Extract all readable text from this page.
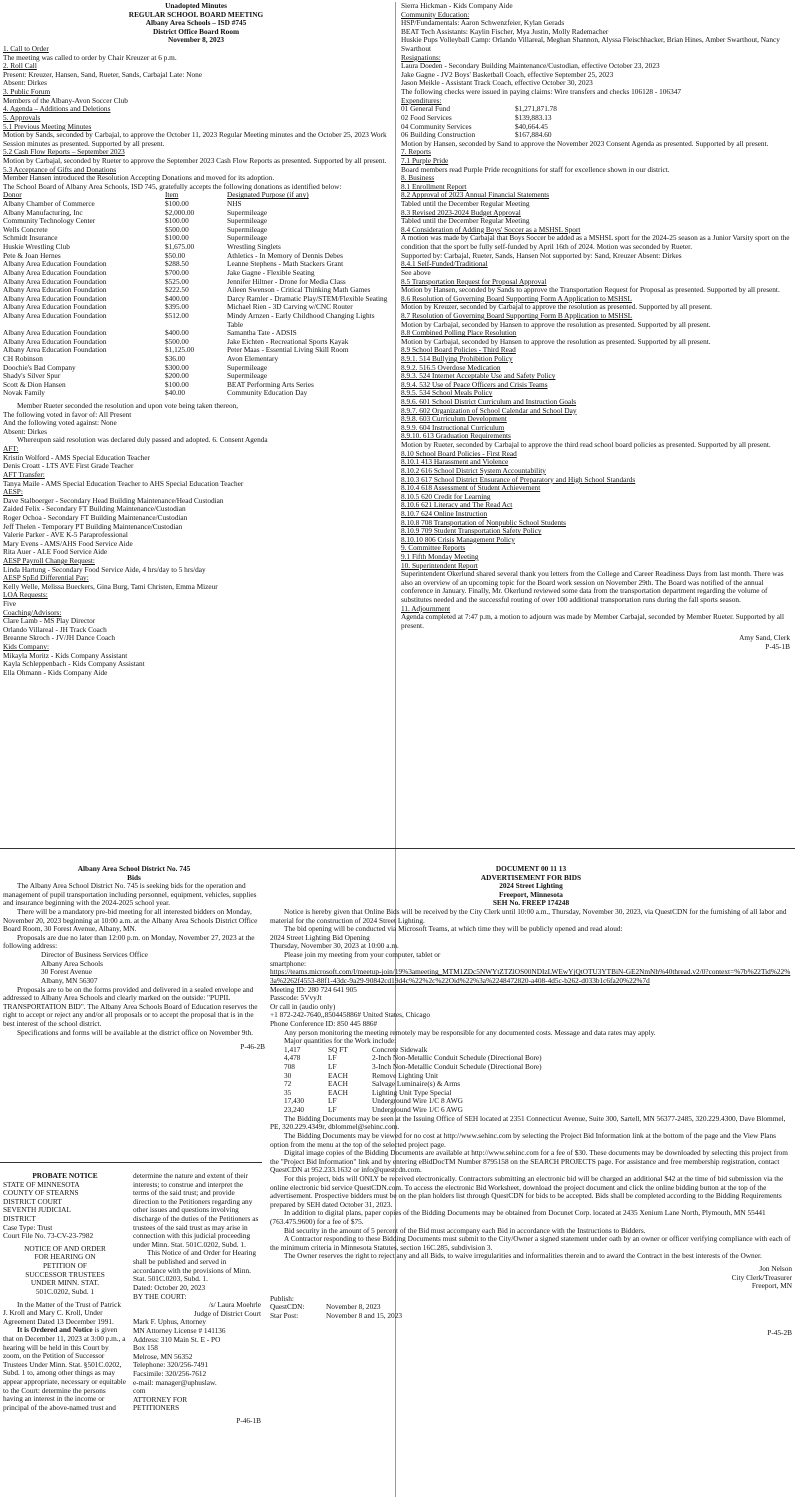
Unadopted Minutes
REGULAR SCHOOL BOARD MEETING
Albany Area Schools – ISD #745
District Office Board Room
November 8, 2023
1. Call to Order
The meeting was called to order by Chair Kreuzer at 6 p.m.
2. Roll Call
Present: Kreuzer, Hansen, Sand, Rueter, Sands, Carbajal Late: None
Absent: Dirkes
3. Public Forum
Members of the Albany-Avon Soccer Club
4. Agenda – Additions and Deletions
5. Approvals
5.1 Previous Meeting Minutes
Motion by Sands, seconded by Carbajal, to approve the October 11, 2023 Regular Meeting minutes and the October 25, 2023 Work Session minutes as presented. Supported by all present.
5.2 Cash Flow Reports – September 2023
Motion by Carbajal, seconded by Rueter to approve the September 2023 Cash Flow Reports as presented. Supported by all present.
5.3 Acceptance of Gifts and Donations
Member Hansen introduced the Resolution Accepting Donations and moved for its adoption.
The School Board of Albany Area Schools, ISD 745, gratefully accepts the following donations as identified below:
Donor	Item	Designated Purpose (if any)
Albany Chamber of Commerce	$100.00	NHS
Albany Manufacturing, Inc	$2,000.00	Supermileage
Community Technology Center	$100.00	Supermileage
Wells Concrete	$500.00	Supermileage
Schmidt Insurance	$100.00	Supermileage
Huskie Wrestling Club	$1,675.00	Wrestling Singlets
Pete & Joan Hernes	$50.00	Athletics - In Memory of Dennis Debes
Albany Area Education Foundation	$288.50	Leanne Stephens - Math Stackers Grant
Albany Area Education Foundation	$700.00	Jake Gagne - Flexible Seating
Albany Area Education Foundation	$525.00	Jennifer Hiltner - Drone for Media Class
Albany Area Education Foundation	$222.50	Aileen Swenson - Critical Thinking Math Games
Albany Area Education Foundation	$400.00	Darcy Ramler - Dramatic Play/STEM/Flexible Seating
Albany Area Education Foundation	$395.00	Michael Rien - 3D Carving w/CNC Router
Albany Area Education Foundation	$512.00	Mindy Arnzen - Early Childhood Changing Lights Table
Albany Area Education Foundation	$400.00	Samantha Tate - ADSIS
Albany Area Education Foundation	$500.00	Jake Eichten - Recreational Sports Kayak
Albany Area Education Foundation	$1,125.00	Peter Maas - Essential Living Skill Room
CH Robinson	$36.00	Avon Elementary
Doochie's Bad Company	$300.00	Supermileage
Shady's Silver Spur	$200.00	Supermileage
Scott & Dion Hansen	$100.00	BEAT Performing Arts Series
Novak Family	$40.00	Community Education Day
Member Rueter seconded the resolution and upon vote being taken thereon,
The following voted in favor of: All Present
And the following voted against: None
Absent: Dirkes
Whereupon said resolution was declared duly passed and adopted. 6. Consent Agenda
AFT:
Kristin Wolford - AMS Special Education Teacher
Denis Croatt - LTS AVE First Grade Teacher
AFT Transfer:
Tanya Maile - AMS Special Education Teacher to AHS Special Education Teacher
AESP:
Dave Stalboerger - Secondary Head Building Maintenance/Head Custodian
Zaided Felix - Secondary FT Building Maintenance/Custodian
Roger Ochoa - Secondary FT Building Maintenance/Custodian
Jeff Thelen - Temporary PT Building Maintenance/Custodian
Valerie Parker - AVE K-5 Paraprofessional
Mary Evens - AMS/AHS Food Service Aide
Rita Auer - ALE Food Service Aide
AESP Payroll Change Request:
Linda Hartung - Secondary Food Service Aide, 4 hrs/day to 5 hrs/day
AESP SpEd Differential Pay:
Kelly Welle, Melissa Bueckers, Gina Burg, Tami Christen, Emma Mizeur
LOA Requests:
Five
Coaching/Advisors:
Clare Lamb - MS Play Director
Orlando Villareal - JH Track Coach
Breanne Skroch - JV/JH Dance Coach
Kids Company:
Mikayla Moritz - Kids Company Assistant
Kayla Schleppenbach - Kids Company Assistant
Ella Ohmann - Kids Company Aide
Sierra Hickman - Kids Company Aide
Community Education:
HSP/Fundamentals: Aaron Schwenzfeier, Kylan Gerads
BEAT Tech Assistants: Kaylin Fischer, Mya Justin, Molly Rademacher
Huskie Pups Volleyball Camp: Orlando Villareal, Meghan Shannon, Alyssa Fleischhacker, Brian Hines, Amber Swarthout, Nancy Swarthout
Resignations:
Laura Doeden - Secondary Building Maintenance/Custodian, effective October 23, 2023
Jake Gagne - JV2 Boys' Basketball Coach, effective September 25, 2023
Jason Meikle - Assistant Track Coach, effective October 30, 2023
The following checks were issued in paying claims: Wire transfers and checks 106128 - 106347
Expenditures:
01 General Fund	$1,271,871.78
02 Food Services	$139,883.13
04 Community Services	$40,664.45
06 Building Construction	$167,884.60
Motion by Hansen, seconded by Sand to approve the November 2023 Consent Agenda as presented. Supported by all present.
7. Reports
7.1 Purple Pride
Board members read Purple Pride recognitions for staff for excellence shown in our district.
8. Business
8.1 Enrollment Report
8.2 Approval of 2023 Annual Financial Statements
Tabled until the December Regular Meeting
8.3 Revised 2023-2024 Budget Approval
Tabled until the December Regular Meeting
8.4 Consideration of Adding Boys' Soccer as a MSHSL Sport
A motion was made by Carbajal that Boys Soccer be added as a MSHSL sport for the 2024-25 season as a Junior Varsity sport on the condition that the sport be fully self-funded by April 16th of 2024. Motion was seconded by Rueter.
Supported by: Carbajal, Rueter, Sands, Hansen Not supported by: Sand, Kreuzer Absent: Dirkes
8.4.1 Self-Funded/Traditional
See above
8.5 Transportation Request for Proposal Approval
Motion by Hansen, seconded by Sands to approve the Transportation Request for Proposal as presented. Supported by all present.
8.6 Resolution of Governing Board Supporting Form A Application to MSHSL
Motion by Kreuzer, seconded by Carbajal to approve the resolution as presented. Supported by all present.
8.7 Resolution of Governing Board Supporting Form B Application to MSHSL
Motion by Carbajal, seconded by Hansen to approve the resolution as presented. Supported by all present.
8.8 Combined Polling Place Resolution
Motion by Carbajal, seconded by Hansen to approve the resolution as presented. Supported by all present.
8.9 School Board Policies - Third Read
8.9.1. 514 Bullying Prohibition Policy
8.9.2. 516.5 Overdose Medication
8.9.3. 524 Internet Acceptable Use and Safety Policy
8.9.4. 532 Use of Peace Officers and Crisis Teams
8.9.5. 534 School Meals Policy
8.9.6. 601 School District Curriculum and Instruction Goals
8.9.7. 602 Organization of School Calendar and School Day
8.9.8. 603 Curriculum Development
8.9.9. 604 Instructional Curriculum
8.9.10. 613 Graduation Requirements
Motion by Rueter, seconded by Carbajal to approve the third read school board policies as presented. Supported by all present.
8.10 School Board Policies - First Read
8.10.1 413 Harassment and Violence
8.10.2 616 School District System Accountability
8.10.3 617 School District Ensurance of Preparatory and High School Standards
8.10.4 618 Assessment of Student Achievement
8.10.5 620 Credit for Learning
8.10.6 621 Literacy and The Read Act
8.10.7 624 Online Instruction
8.10.8 708 Transportation of Nonpublic School Students
8.10.9 709 Student Transportation Safety Policy
8.10.10 806 Crisis Management Policy
9. Committee Reports
9.1 Fifth Monday Meeting
10. Superintendent Report
Superintendent Okerlund shared several thank you letters from the College and Career Readiness Days from last month. There was also an overview of an upcoming topic for the Board work session on November 29th. The Board was notified of the annual conference in January. Finally, Mr. Okerlund reviewed some data from the transportation department regarding the volume of substitutes needed and the successful routing of over 100 additional transportation runs during the fall sports season.
11. Adjournment
Agenda completed at 7:47 p.m, a motion to adjourn was made by Member Carbajal, seconded by Member Rueter. Supported by all present.
Amy Sand, Clerk
P-45-1B
Albany Area School District No. 745
Bids
The Albany Area School District No. 745 is seeking bids for the operation and management of pupil transportation including personnel, equipment, vehicles, supplies and insurance beginning with the 2024-2025 school year.
There will be a mandatory pre-bid meeting for all interested bidders on Monday, November 20, 2023 beginning at 10:00 a.m. at the Albany Area Schools District Office Board Room, 30 Forest Avenue, Albany, MN.
Proposals are due no later than 12:00 p.m. on Monday, November 27, 2023 at the following address:
Director of Business Services Office
Albany Area Schools
30 Forest Avenue
Albany, MN 56307
Proposals are to be on the forms provided and delivered in a sealed envelope and addressed to Albany Area Schools and clearly marked on the outside: "PUPIL TRANSPORTATION BID". The Albany Area Schools Board of Education reserves the right to accept or reject any and/or all proposals or to accept the proposal that is in the best interest of the school district.
Specifications and forms will be available at the district office on November 9th.
P-46-2B
PROBATE NOTICE
STATE OF MINNESOTA
COUNTY OF STEARNS
DISTRICT COURT
SEVENTH JUDICIAL
DISTRICT
Case Type: Trust
Court File No. 73-CV-23-7982
NOTICE OF AND ORDER
FOR HEARING ON
PETITION OF
SUCCESSOR TRUSTEES
UNDER MINN. STAT.
501C.0202, Subd. 1
In the Matter of the Trust of Patrick J. Kroll and Mary C. Kroll, Under Agreement Dated 13 December 1991.
It is Ordered and Notice is given that on December 11, 2023 at 3:00 p.m., a hearing will be held in this Court by zoom, on the Petition of Successor Trustees Under Minn. Stat. §501C.0202, Subd. 1 to, among other things as may appear appropriate, necessary or equitable to the Court: determine the persons having an interest in the income or principal of the above-named trust and
determine the nature and extent of their interests; to construe and interpret the terms of the said trust; and provide direction to the Petitioners regarding any other issues and questions involving discharge of the duties of the Petitioners as trustees of the said trust as may arise in connection with this judicial proceeding under Minn. Stat. 501C.0202, Subd. 1.
This Notice of and Order for Hearing shall be published and served in accordance with the provisions of Minn. Stat. 501C.0203, Subd. 1.
Dated: October 20, 2023
BY THE COURT:
/s/ Laura Moehrle
Judge of District Court
Mark F. Uphus, Attorney
MN Attorney License # 141136
Address: 310 Main St. E - PO
Box 158
Melrose, MN 56352
Telephone: 320/256-7491
Facsimile: 320/256-7612
e-mail: manager@uphuslaw.
com
ATTORNEY FOR
PETITIONERS
P-46-1B
DOCUMENT 00 11 13
ADVERTISEMENT FOR BIDS
2024 Street Lighting
Freeport, Minnesota
SEH No. FREEP 174248
Notice is hereby given that Online Bids will be received by the City Clerk until 10:00 a.m., Thursday, November 30, 2023, via QuestCDN for the furnishing of all labor and material for the construction of 2024 Street Lighting.
The bid opening will be conducted via Microsoft Teams, at which time they will be publicly opened and read aloud:
2024 Street Lighting Bid Opening
Thursday, November 30, 2023 at 10:00 a.m.
Please join my meeting from your computer, tablet or
smartphone:
https://teams.microsoft.com/l/meetup-join/19%3ameeting_MTM1ZDc5NWYtZTZlOS00NDIzLWEwYjQtOTU3YTBiN-GE2NmNh%40thread.v2/0?context=%7b%22Tid%22%3a%2262f4553-88f1-43dc-9a29-90842cd19d4c%22%2c%22Oid%22%3a%2248472820-a408-4d5c-b262-d033b1c6fa20%22%7d
Meeting ID: 280 724 641 905
Passcode: 5VvyJt
Or call in (audio only)
+1 872-242-7640,,850445886# United States, Chicago
Phone Conference ID: 850 445 886#
Any person monitoring the meeting remotely may be responsible for any documented costs. Message and data rates may apply.
Major quantities for the Work include:
1,417	SQ FT	Concrete Sidewalk
4,478	LF	2-Inch Non-Metallic Conduit Schedule (Directional Bore)
708	LF	3-Inch Non-Metallic Conduit Schedule (Directional Bore)
30	EACH	Remove Lighting Unit
72	EACH	Salvage Luminaire(s) & Arms
35	EACH	Lighting Unit Type Special
17,430	LF	Underground Wire 1/C 8 AWG
23,240	LF	Underground Wire 1/C 6 AWG
The Bidding Documents may be seen at the Issuing Office of SEH located at 2351 Connecticut Avenue, Suite 300, Sartell, MN 56377-2485, 320.229.4300, Dave Blommel, PE, 320.229.4349r, dblommel@sehinc.com.
The Bidding Documents may be viewed for no cost at http://www.sehinc.com by selecting the Project Bid Information link at the bottom of the page and the View Plans option from the menu at the top of the selected project page.
Digital image copies of the Bidding Documents are available at http://www.sehinc.com for a fee of $30. These documents may be downloaded by selecting this project from the "Project Bid Information" link and by entering eBidDocTM Number 8795158 on the SEARCH PROJECTS page. For assistance and free membership registration, contact QuestCDN at 952.233.1632 or info@questcdn.com.
For this project, bids will ONLY be received electronically. Contractors submitting an electronic bid will be charged an additional $42 at the time of bid submission via the online electronic bid service QuestCDN.com. To access the electronic Bid Worksheet, download the project document and click the online bidding button at the top of the advertisement. Prospective bidders must be on the plan holders list through QuestCDN for bids to be accepted. Bids shall be completed according to the Bidding Requirements prepared by SEH dated October 31, 2023.
In addition to digital plans, paper copies of the Bidding Documents may be obtained from Docunet Corp. located at 2435 Xenium Lane North, Plymouth, MN 55441 (763.475.9600) for a fee of $75.
Bid security in the amount of 5 percent of the Bid must accompany each Bid in accordance with the Instructions to Bidders.
A Contractor responding to these Bidding Documents must submit to the City/Owner a signed statement under oath by an owner or officer verifying compliance with each of the minimum criteria in Minnesota Statutes, section 16C.285, subdivision 3.
The Owner reserves the right to reject any and all Bids, to waive irregularities and informalities therein and to award the Contract in the best interests of the Owner.
Jon Nelson
City Clerk/Treasurer
Freeport, MN
Publish:
QuestCDN:	November 8, 2023
Star Post:	November 8 and 15, 2023
P-45-2B
